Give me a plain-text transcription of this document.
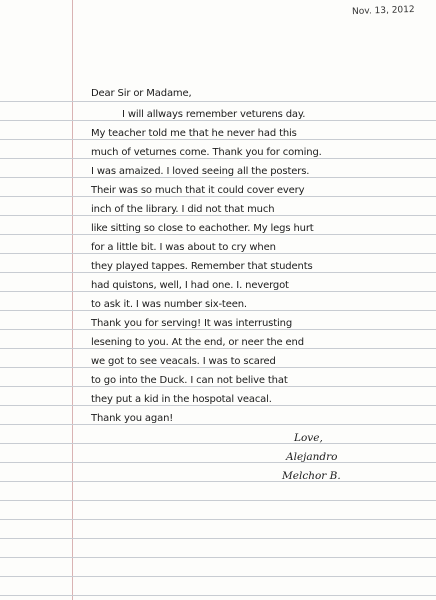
Nov. 13, 2012
Dear Sir or Madame,
I will allways remember veturens day.
My teacher told me that he never had this
much of veturnes come. Thank you for coming.
I was amaized. I loved seeing all the posters.
Their was so much that it could cover every
inch of the library. I did not that much
like sitting so close to eachother. My legs hurt
for a little bit. I was about to cry when
they played tappes. Remember that students
had quistons, well, I had one. I. nevergot
to ask it. I was number six-teen.
Thank you for serving! It was interrusting
lesening to you. At the end, or neer the end
we got to see veacals. I was to scared
to go into the Duck. I can not belive that
they put a kid in the hospotal veacal.
Thank you agan!
Love,
Alejandro
Melchor B.
